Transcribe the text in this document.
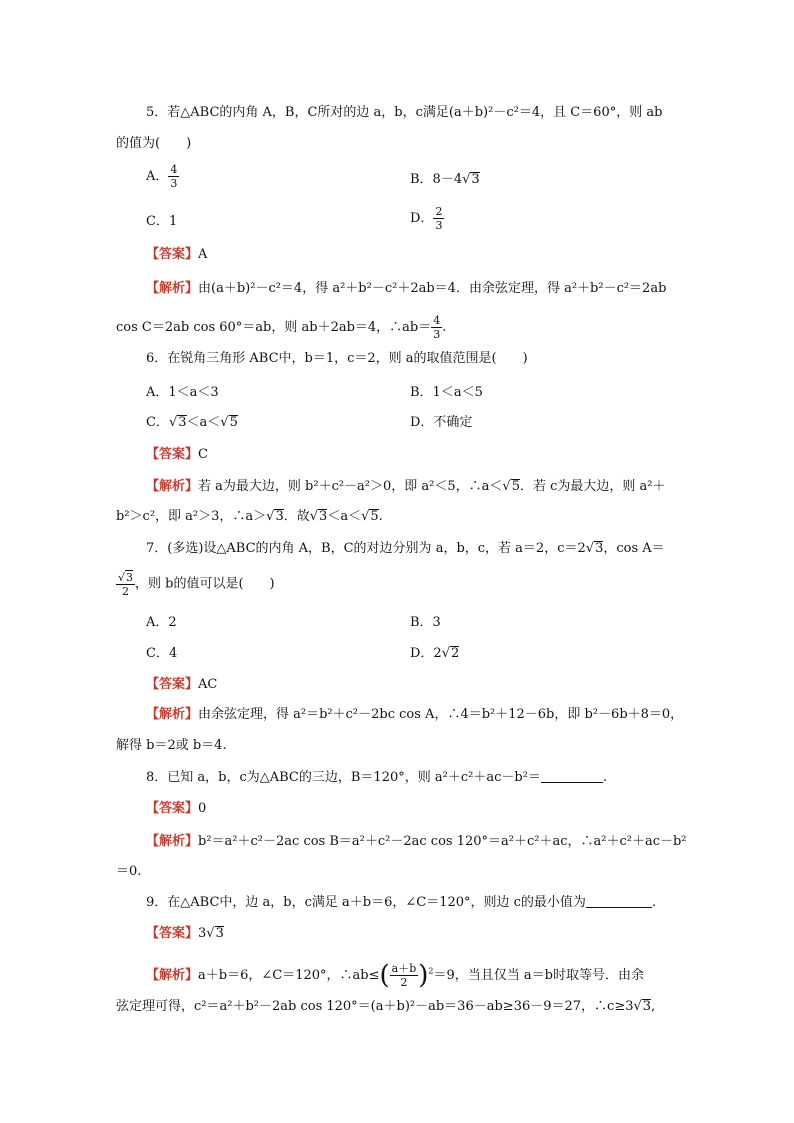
5．若△ABC的内角 A，B，C所对的边 a，b，c满足(a＋b)²－c²＝4，且 C＝60°，则 ab
的值为(　　)
A． $\frac{4}{3}$	B．8－4√3
C．1	D． $\frac{2}{3}$
【答案】A
【解析】由(a＋b)²－c²＝4，得 a²＋b²－c²＋2ab＝4．由余弦定理，得 a²＋b²－c²＝2ab
cos C＝2ab cos 60°＝ab，则 ab＋2ab＝4，∴ab＝ $\frac{4}{3}$ .
6．在锐角三角形 ABC中，b＝1，c＝2，则 a的取值范围是(　　)
A．1＜a＜3	B．1＜a＜5
C．√3＜a＜√5	D．不确定
【答案】C
【解析】若 a为最大边，则 b²＋c²－a²＞0，即 a²＜5，∴a＜√5．若 c为最大边，则 a²＋
b²＞c²，即 a²＞3，∴a＞√3．故√3＜a＜√5.
7．(多选)设△ABC的内角 A，B，C的对边分别为 a，b，c，若 a＝2，c＝2√3，cos A＝
$\frac{√3}{2}$ ，则 b的值可以是(　　)
A．2	B．3
C．4	D．2√2
【答案】AC
【解析】由余弦定理，得 a²＝b²＋c²－2bc cos A，∴4＝b²＋12－6b，即 b²－6b＋8＝0，
解得 b＝2或 b＝4.
8．已知 a，b，c为△ABC的三边，B＝120°，则 a²＋c²＋ac－b²＝	.
【答案】0
【解析】b²＝a²＋c²－2ac cos B＝a²＋c²－2ac cos 120°＝a²＋c²＋ac，∴a²＋c²＋ac－b²
＝0.
9．在△ABC中，边 a，b，c满足 a＋b＝6，∠C＝120°，则边 c的最小值为	.
【答案】3√3
【解析】a＋b＝6，∠C＝120°，∴ab≤( $\frac{a+b}{2} )^2=9$，当且仅当 a＝b时取等号．由余
弦定理可得，c²＝a²＋b²－2ab cos 120°＝(a＋b)²－ab＝36－ab≥36－9＝27，∴c≥3√3,
